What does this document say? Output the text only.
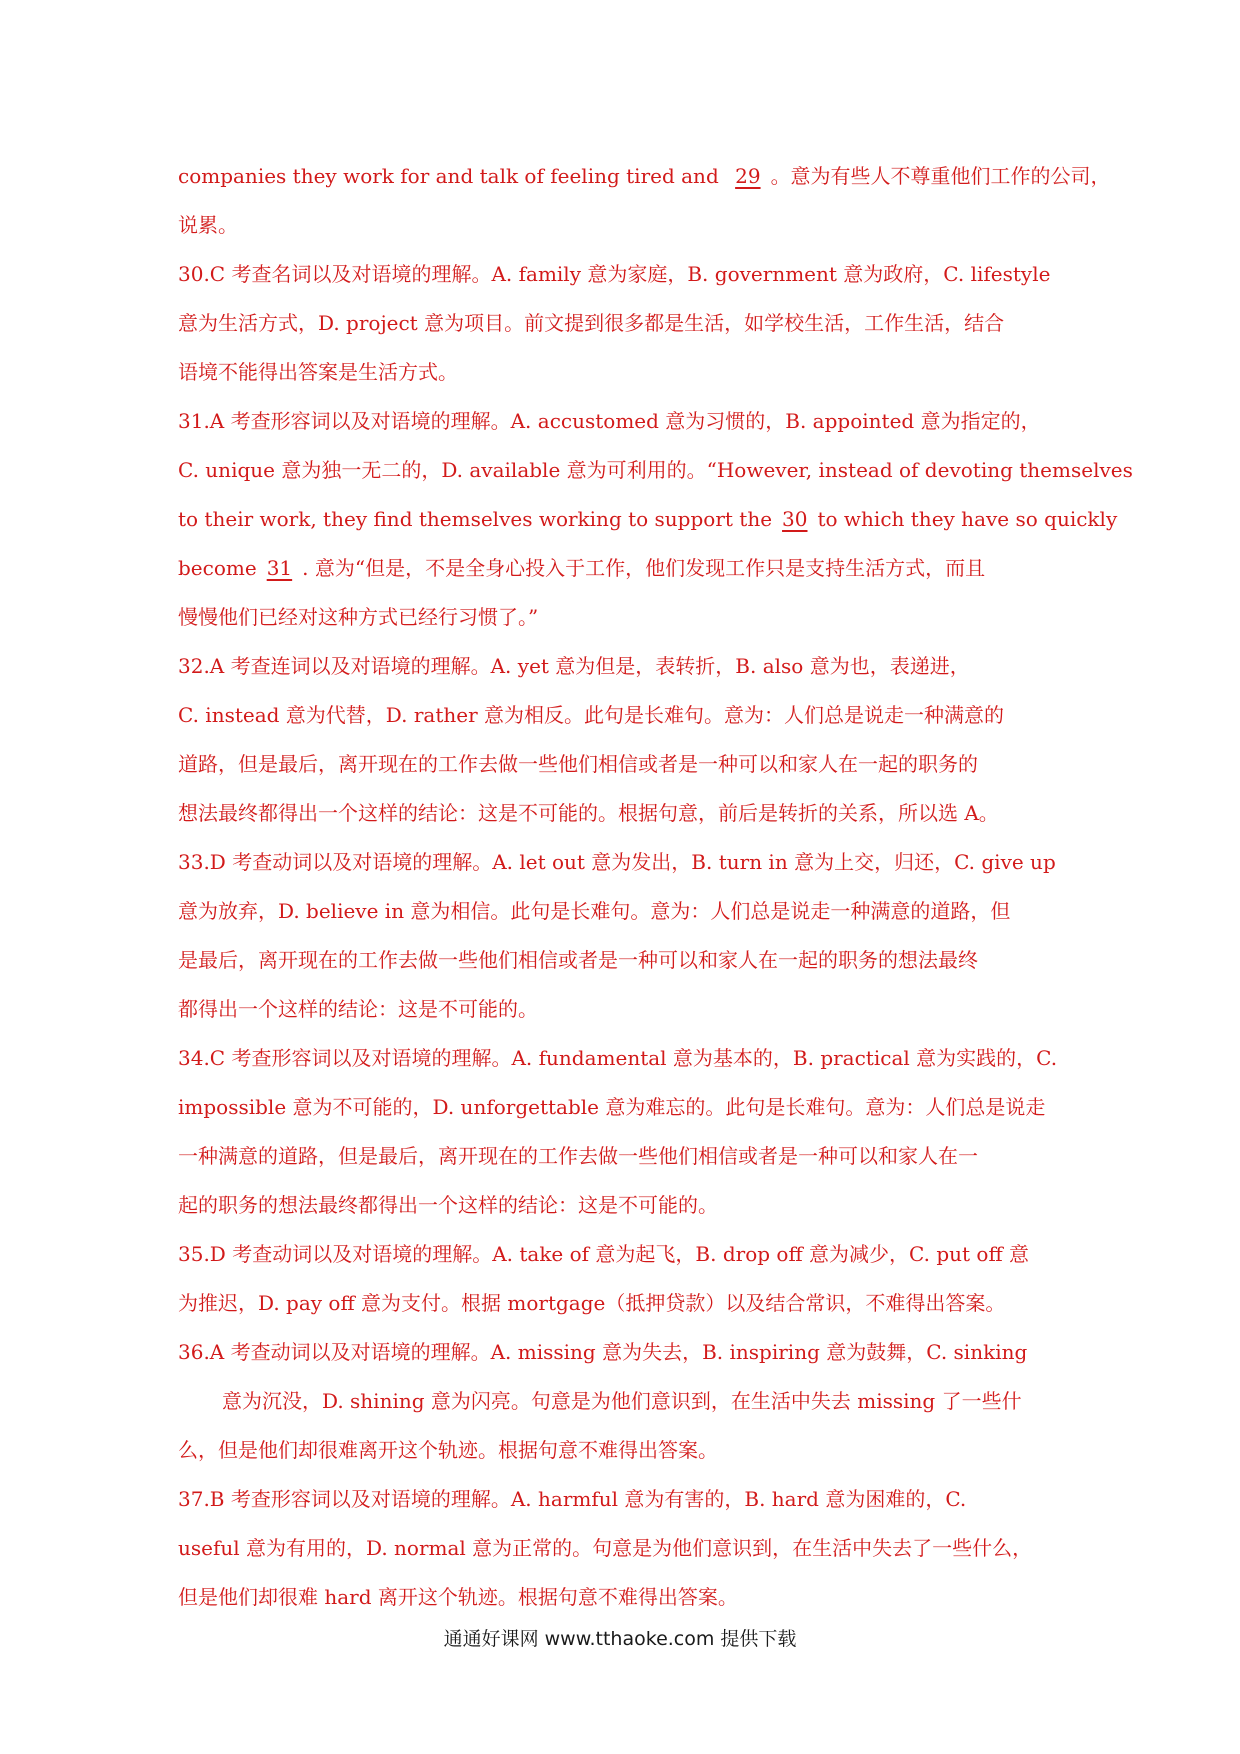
companies they work for and talk of feeling tired and 29 。意为有些人不尊重他们工作的公司，
说累。
30.C 考查名词以及对语境的理解。A. family 意为家庭，B. government 意为政府，C. lifestyle
意为生活方式，D. project 意为项目。前文提到很多都是生活，如学校生活，工作生活，结合
语境不能得出答案是生活方式。
31.A 考查形容词以及对语境的理解。A. accustomed 意为习惯的，B. appointed 意为指定的，
C. unique 意为独一无二的，D. available 意为可利用的。“However, instead of devoting themselves
to their work, they find themselves working to support the 30 to which they have so quickly
become 31 . 意为“但是，不是全身心投入于工作，他们发现工作只是支持生活方式，而且
慢慢他们已经对这种方式已经行习惯了。”
32.A 考查连词以及对语境的理解。A. yet 意为但是，表转折，B. also 意为也，表递进，
C. instead 意为代替，D. rather 意为相反。此句是长难句。意为：人们总是说走一种满意的
道路，但是最后，离开现在的工作去做一些他们相信或者是一种可以和家人在一起的职务的
想法最终都得出一个这样的结论：这是不可能的。根据句意，前后是转折的关系，所以选 A。
33.D 考查动词以及对语境的理解。A. let out 意为发出，B. turn in 意为上交，归还，C. give up
意为放弃，D. believe in 意为相信。此句是长难句。意为：人们总是说走一种满意的道路，但
是最后，离开现在的工作去做一些他们相信或者是一种可以和家人在一起的职务的想法最终
都得出一个这样的结论：这是不可能的。
34.C 考查形容词以及对语境的理解。A. fundamental 意为基本的，B. practical 意为实践的，C.
impossible 意为不可能的，D. unforgettable 意为难忘的。此句是长难句。意为：人们总是说走
一种满意的道路，但是最后，离开现在的工作去做一些他们相信或者是一种可以和家人在一
起的职务的想法最终都得出一个这样的结论：这是不可能的。
35.D 考查动词以及对语境的理解。A. take of 意为起飞，B. drop off 意为减少，C. put off 意
为推迟，D. pay off 意为支付。根据 mortgage（抵押贷款）以及结合常识，不难得出答案。
36.A 考查动词以及对语境的理解。A. missing 意为失去，B. inspiring 意为鼓舞，C. sinking
意为沉没，D. shining 意为闪亮。句意是为他们意识到，在生活中失去 missing 了一些什
么，但是他们却很难离开这个轨迹。根据句意不难得出答案。
37.B 考查形容词以及对语境的理解。A. harmful 意为有害的，B. hard 意为困难的，C.
useful 意为有用的，D. normal 意为正常的。句意是为他们意识到，在生活中失去了一些什么，
但是他们却很难 hard 离开这个轨迹。根据句意不难得出答案。
通通好课网 www.tthaoke.com 提供下载
